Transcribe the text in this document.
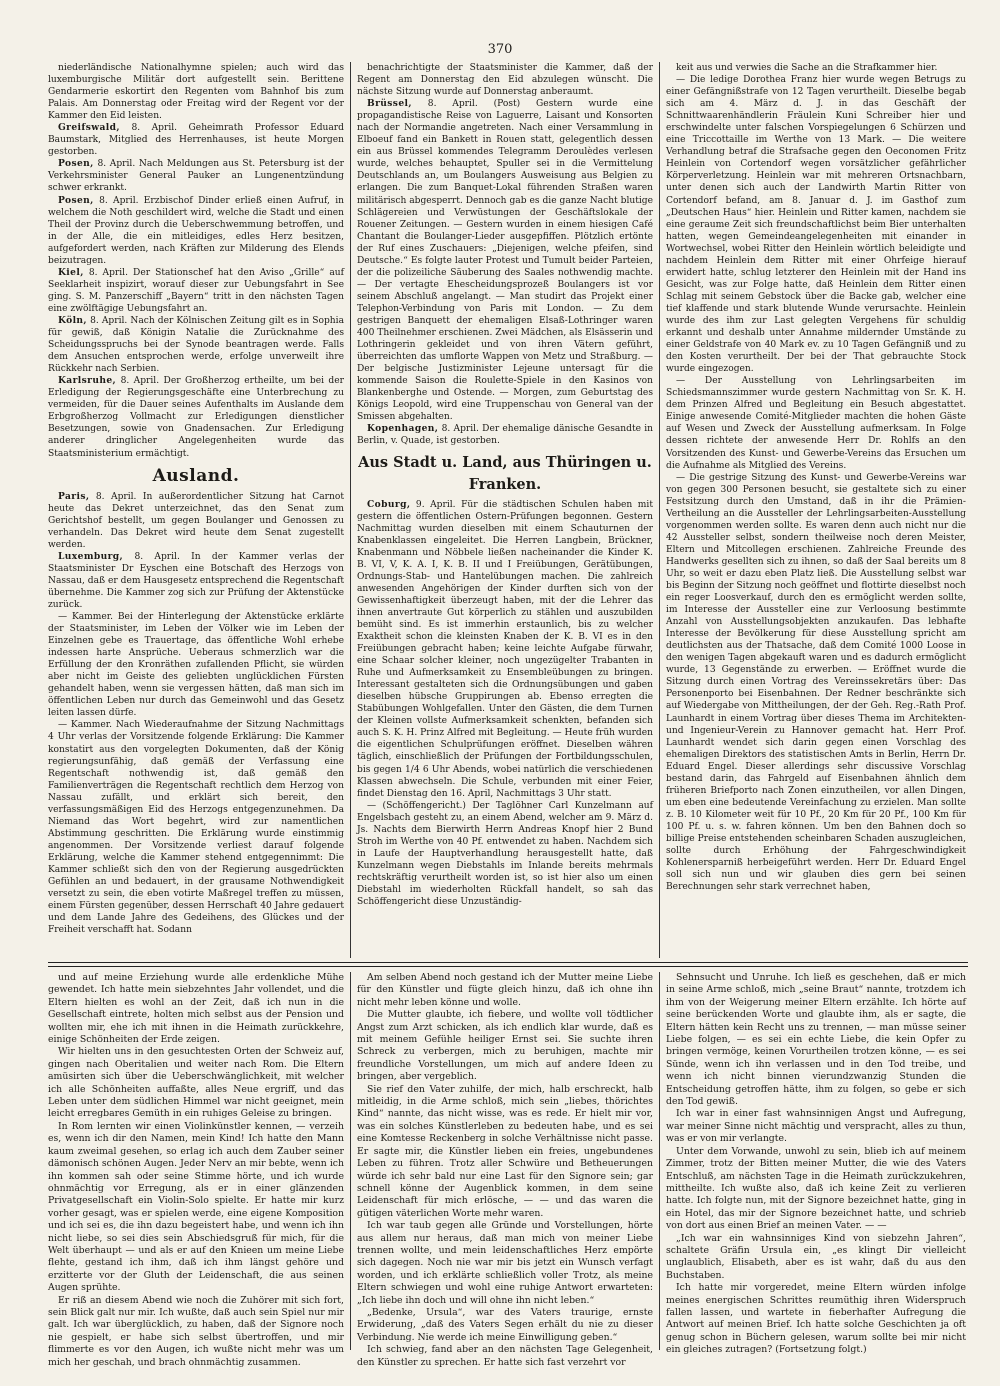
370

niederländische Nationalhymne spielen; auch wird das luxemburgische Militär dort aufgestellt sein. Berittene Gendarmerie eskortirt den Regenten vom Bahnhof bis zum Palais. Am Donnerstag oder Freitag wird der Regent vor der Kammer den Eid leisten.

Greifswald, 8. April. Geheimrath Professor Eduard Baumstark, Mitglied des Herrenhauses, ist heute Morgen gestorben.

Posen, 8. April. Nach Meldungen aus St. Petersburg ist der Verkehrsminister General Pauker an Lungenentzündung schwer erkrankt.

Posen, 8. April. Erzbischof Dinder erließ einen Aufruf, in welchem die Noth geschildert wird, welche die Stadt und einen Theil der Provinz durch die Ueberschwemmung betroffen, und in der Alle, die ein mitleidiges, edles Herz besitzen, aufgefordert werden, nach Kräften zur Milderung des Elends beizutragen.

Kiel, 8. April. Der Stationschef hat den Aviso „Grille“ auf Seeklarheit inspizirt, worauf dieser zur Uebungsfahrt in See ging. S. M. Panzerschiff „Bayern“ tritt in den nächsten Tagen eine zwölftägige Uebungsfahrt an.

Köln, 8. April. Nach der Kölnischen Zeitung gilt es in Sophia für gewiß, daß Königin Natalie die Zurücknahme des Scheidungsspruchs bei der Synode beantragen werde. Falls dem Ansuchen entsprochen werde, erfolge unverweilt ihre Rückkehr nach Serbien.

Karlsruhe, 8. April. Der Großherzog ertheilte, um bei der Erledigung der Regierungsgeschäfte eine Unterbrechung zu vermeiden, für die Dauer seines Aufenthalts im Auslande dem Erbgroßherzog Vollmacht zur Erledigungen dienstlicher Besetzungen, sowie von Gnadensachen. Zur Erledigung anderer dringlicher Angelegenheiten wurde das Staatsministerium ermächtigt.

Ausland.

Paris, 8. April. In außerordentlicher Sitzung hat Carnot heute das Dekret unterzeichnet, das den Senat zum Gerichtshof bestellt, um gegen Boulanger und Genossen zu verhandeln. Das Dekret wird heute dem Senat zugestellt werden.

Luxemburg, 8. April. In der Kammer verlas der Staatsminister Dr Eyschen eine Botschaft des Herzogs von Nassau, daß er dem Hausgesetz entsprechend die Regentschaft übernehme. Die Kammer zog sich zur Prüfung der Aktenstücke zurück.

— Kammer. Bei der Hinterlegung der Aktenstücke erklärte der Staatsminister, im Leben der Völker wie im Leben der Einzelnen gebe es Trauertage, das öffentliche Wohl erhebe indessen harte Ansprüche. Ueberaus schmerzlich war die Erfüllung der den Kronräthen zufallenden Pflicht, sie würden aber nicht im Geiste des geliebten unglücklichen Fürsten gehandelt haben, wenn sie vergessen hätten, daß man sich im öffentlichen Leben nur durch das Gemeinwohl und das Gesetz leiten lassen dürfe.

— Kammer. Nach Wiederaufnahme der Sitzung Nachmittags 4 Uhr verlas der Vorsitzende folgende Erklärung: Die Kammer konstatirt aus den vorgelegten Dokumenten, daß der König regierungsunfähig, daß gemäß der Verfassung eine Regentschaft nothwendig ist, daß gemäß den Familienverträgen die Regentschaft rechtlich dem Herzog von Nassau zufällt, und erklärt sich bereit, den verfassungsmäßigen Eid des Herzogs entgegenzunehmen. Da Niemand das Wort begehrt, wird zur namentlichen Abstimmung geschritten. Die Erklärung wurde einstimmig angenommen. Der Vorsitzende verliest darauf folgende Erklärung, welche die Kammer stehend entgegennimmt: Die Kammer schließt sich den von der Regierung ausgedrückten Gefühlen an und bedauert, in der grausame Nothwendigkeit versetzt zu sein, die eben votirte Maßregel treffen zu müssen, einem Fürsten gegenüber, dessen Herrschaft 40 Jahre gedauert und dem Lande Jahre des Gedeihens, des Glückes und der Freiheit verschafft hat. Sodann

benachrichtigte der Staatsminister die Kammer, daß der Regent am Donnerstag den Eid abzulegen wünscht. Die nächste Sitzung wurde auf Donnerstag anberaumt.

Brüssel, 8. April. (Post) Gestern wurde eine propagandistische Reise von Laguerre, Laisant und Konsorten nach der Normandie angetreten. Nach einer Versammlung in Elboeuf fand ein Bankett in Rouen statt, gelegentlich dessen ein aus Brüssel kommendes Telegramm Deroulèdes verlesen wurde, welches behauptet, Spuller sei in die Vermittelung Deutschlands an, um Boulangers Ausweisung aus Belgien zu erlangen. Die zum Banquet-Lokal führenden Straßen waren militärisch abgesperrt. Dennoch gab es die ganze Nacht blutige Schlägereien und Verwüstungen der Geschäftslokale der Rouener Zeitungen. — Gestern wurden in einem hiesigen Café Chantant die Boulanger-Lieder ausgepfiffen. Plötzlich ertönte der Ruf eines Zuschauers: „Diejenigen, welche pfeifen, sind Deutsche.“ Es folgte lauter Protest und Tumult beider Parteien, der die polizeiliche Säuberung des Saales nothwendig machte. — Der vertagte Ehescheidungsprozeß Boulangers ist vor seinem Abschluß angelangt. — Man studirt das Projekt einer Telephon-Verbindung von Paris mit London. — Zu dem gestrigen Banquett der ehemaligen Elsaß-Lothringer waren 400 Theilnehmer erschienen. Zwei Mädchen, als Elsässerin und Lothringerin gekleidet und von ihren Vätern geführt, überreichten das umflorte Wappen von Metz und Straßburg. — Der belgische Justizminister Lejeune untersagt für die kommende Saison die Roulette-Spiele in den Kasinos von Blankenberghe und Ostende. — Morgen, zum Geburtstag des Königs Leopold, wird eine Truppenschau von General van der Smissen abgehalten.

Kopenhagen, 8. April. Der ehemalige dänische Gesandte in Berlin, v. Quade, ist gestorben.

Aus Stadt u. Land, aus Thüringen u. Franken.

Coburg, 9. April. Für die städtischen Schulen haben mit gestern die öffentlichen Ostern-Prüfungen begonnen. Gestern Nachmittag wurden dieselben mit einem Schauturnen der Knabenklassen eingeleitet. Die Herren Langbein, Brückner, Knabenmann und Nöbbele ließen nacheinander die Kinder K. B. VI, V, K. A. I, K. B. II und I Freiübungen, Gerätübungen, Ordnungs-Stab- und Hantelübungen machen. Die zahlreich anwesenden Angehörigen der Kinder durften sich von der Gewissenhaftigkeit überzeugt haben, mit der die Lehrer das ihnen anvertraute Gut körperlich zu stählen und auszubilden bemüht sind. Es ist immerhin erstaunlich, bis zu welcher Exaktheit schon die kleinsten Knaben der K. B. VI es in den Freiübungen gebracht haben; keine leichte Aufgabe fürwahr, eine Schaar solcher kleiner, noch ungezügelter Trabanten in Ruhe und Aufmerksamkeit zu Ensembleübungen zu bringen. Interessant gestalteten sich die Ordnungsübungen und gaben dieselben hübsche Gruppirungen ab. Ebenso erregten die Stabübungen Wohlgefallen. Unter den Gästen, die dem Turnen der Kleinen vollste Aufmerksamkeit schenkten, befanden sich auch S. K. H. Prinz Alfred mit Begleitung. — Heute früh wurden die eigentlichen Schulprüfungen eröffnet. Dieselben währen täglich, einschließlich der Prüfungen der Fortbildungsschulen, bis gegen 1/4 6 Uhr Abends, wobei natürlich die verschiedenen Klassen abwechseln. Die Schule, verbunden mit einer Feier, findet Dienstag den 16. April, Nachmittags 3 Uhr statt.

— (Schöffengericht.) Der Taglöhner Carl Kunzelmann auf Engelsbach gesteht zu, an einem Abend, welcher am 9. März d. Js. Nachts dem Bierwirth Herrn Andreas Knopf hier 2 Bund Stroh im Werthe von 40 Pf. entwendet zu haben. Nachdem sich in Laufe der Hauptverhandlung herausgestellt hatte, daß Kunzelmann wegen Diebstahls im Inlande bereits mehrmals rechtskräftig verurtheilt worden ist, so ist hier also um einen Diebstahl im wiederholten Rückfall handelt, so sah das Schöffengericht diese Unzuständig-

keit aus und verwies die Sache an die Strafkammer hier.

— Die ledige Dorothea Franz hier wurde wegen Betrugs zu einer Gefängnißstrafe von 12 Tagen verurtheilt. Dieselbe begab sich am 4. März d. J. in das Geschäft der Schnittwaarenhändlerin Fräulein Kuni Schreiber hier und erschwindelte unter falschen Vorspiegelungen 6 Schürzen und eine Triccottaille im Werthe von 13 Mark. — Die weitere Verhandlung betraf die Strafsache gegen den Oeconomen Fritz Heinlein von Cortendorf wegen vorsätzlicher gefährlicher Körperverletzung. Heinlein war mit mehreren Ortsnachbarn, unter denen sich auch der Landwirth Martin Ritter von Cortendorf befand, am 8. Januar d. J. im Gasthof zum „Deutschen Haus“ hier. Heinlein und Ritter kamen, nachdem sie eine geraume Zeit sich freundschaftlichst beim Bier unterhalten hatten, wegen Gemeindeangelegenheiten mit einander in Wortwechsel, wobei Ritter den Heinlein wörtlich beleidigte und nachdem Heinlein dem Ritter mit einer Ohrfeige hierauf erwidert hatte, schlug letzterer den Heinlein mit der Hand ins Gesicht, was zur Folge hatte, daß Heinlein dem Ritter einen Schlag mit seinem Gebstock über die Backe gab, welcher eine tief klaffende und stark blutende Wunde verursachte. Heinlein wurde des ihm zur Last gelegten Vergehens für schuldig erkannt und deshalb unter Annahme mildernder Umstände zu einer Geldstrafe von 40 Mark ev. zu 10 Tagen Gefängniß und zu den Kosten verurtheilt. Der bei der That gebrauchte Stock wurde eingezogen.

— Der Ausstellung von Lehrlingsarbeiten im Schiedsmannszimmer wurde gestern Nachmittag von Sr. K. H. dem Prinzen Alfred und Begleitung ein Besuch abgestattet. Einige anwesende Comité-Mitglieder machten die hohen Gäste auf Wesen und Zweck der Ausstellung aufmerksam. In Folge dessen richtete der anwesende Herr Dr. Rohlfs an den Vorsitzenden des Kunst- und Gewerbe-Vereins das Ersuchen um die Aufnahme als Mitglied des Vereins.

— Die gestrige Sitzung des Kunst- und Gewerbe-Vereins war von gegen 300 Personen besucht, sie gestaltete sich zu einer Festsitzung durch den Umstand, daß in ihr die Prämien-Vertheilung an die Aussteller der Lehrlingsarbeiten-Ausstellung vorgenommen werden sollte. Es waren denn auch nicht nur die 42 Aussteller selbst, sondern theilweise noch deren Meister, Eltern und Mitcollegen erschienen. Zahlreiche Freunde des Handwerks gesellten sich zu ihnen, so daß der Saal bereits um 8 Uhr, so weit er dazu eben Platz ließ. Die Ausstellung selbst war bis Beginn der Sitzung noch geöffnet und flottirte dieselbst noch ein reger Loosverkauf, durch den es ermöglicht werden sollte, im Interesse der Aussteller eine zur Verloosung bestimmte Anzahl von Ausstellungsobjekten anzukaufen. Das lebhafte Interesse der Bevölkerung für diese Ausstellung spricht am deutlichsten aus der Thatsache, daß dem Comité 1000 Loose in den wenigen Tagen abgekauft waren und es dadurch ermöglicht wurde, 13 Gegenstände zu erwerben. — Eröffnet wurde die Sitzung durch einen Vortrag des Vereinssekretärs über: Das Personenporto bei Eisenbahnen. Der Redner beschränkte sich auf Wiedergabe von Mittheilungen, der der Geh. Reg.-Rath Prof. Launhardt in einem Vortrag über dieses Thema im Architekten- und Ingenieur-Verein zu Hannover gemacht hat. Herr Prof. Launhardt wendet sich darin gegen einen Vorschlag des ehemaligen Direktors des statistischen Amts in Berlin, Herrn Dr. Eduard Engel. Dieser allerdings sehr discussive Vorschlag bestand darin, das Fahrgeld auf Eisenbahnen ähnlich dem früheren Briefporto nach Zonen einzutheilen, vor allen Dingen, um eben eine bedeutende Vereinfachung zu erzielen. Man sollte z. B. 10 Kilometer weit für 10 Pf., 20 Km für 20 Pf., 100 Km für 100 Pf. u. s. w. fahren können. Um ben den Bahnen doch so billige Preise entstehenden scheinbaren Schaden auszugleichen, sollte durch Erhöhung der Fahrgeschwindigkeit Kohlenersparniß herbeigeführt werden. Herr Dr. Eduard Engel soll sich nun und wir glauben dies gern bei seinen Berechnungen sehr stark verrechnet haben,

und auf meine Erziehung wurde alle erdenkliche Mühe gewendet. Ich hatte mein siebzehntes Jahr vollendet, und die Eltern hielten es wohl an der Zeit, daß ich nun in die Gesellschaft eintrete, holten mich selbst aus der Pension und wollten mir, ehe ich mit ihnen in die Heimath zurückkehre, einige Schönheiten der Erde zeigen.

Wir hielten uns in den gesuchtesten Orten der Schweiz auf, gingen nach Oberitalien und weiter nach Rom. Die Eltern amüsirten sich über die Ueberschwänglichkeit, mit welcher ich alle Schönheiten auffaßte, alles Neue ergriff, und das Leben unter dem südlichen Himmel war nicht geeignet, mein leicht erregbares Gemüth in ein ruhiges Geleise zu bringen.

In Rom lernten wir einen Violinkünstler kennen, — verzeih es, wenn ich dir den Namen, mein Kind! Ich hatte den Mann kaum zweimal gesehen, so erlag ich auch dem Zauber seiner dämonisch schönen Augen. Jeder Nerv an mir bebte, wenn ich ihn kommen sah oder seine Stimme hörte, und ich wurde ohnmächtig vor Erregung, als er in einer glänzenden Privatgesellschaft ein Violin-Solo spielte. Er hatte mir kurz vorher gesagt, was er spielen werde, eine eigene Komposition und ich sei es, die ihn dazu begeistert habe, und wenn ich ihn nicht liebe, so sei dies sein Abschiedsgruß für mich, für die Welt überhaupt — und als er auf den Knieen um meine Liebe flehte, gestand ich ihm, daß ich ihm längst gehöre und erzitterte vor der Gluth der Leidenschaft, die aus seinen Augen sprühte.

Er riß an diesem Abend wie noch die Zuhörer mit sich fort, sein Blick galt nur mir. Ich wußte, daß auch sein Spiel nur mir galt. Ich war überglücklich, zu haben, daß der Signore noch nie gespielt, er habe sich selbst übertroffen, und mir flimmerte es vor den Augen, ich wußte nicht mehr was um mich her geschah, und brach ohnmächtig zusammen.

Am selben Abend noch gestand ich der Mutter meine Liebe für den Künstler und fügte gleich hinzu, daß ich ohne ihn nicht mehr leben könne und wolle.

Die Mutter glaubte, ich fiebere, und wollte voll tödtlicher Angst zum Arzt schicken, als ich endlich klar wurde, daß es mit meinem Gefühle heiliger Ernst sei. Sie suchte ihren Schreck zu verbergen, mich zu beruhigen, machte mir freundliche Vorstellungen, um mich auf andere Ideen zu bringen, aber vergeblich.

Sie rief den Vater zuhilfe, der mich, halb erschreckt, halb mitleidig, in die Arme schloß, mich sein „liebes, thörichtes Kind“ nannte, das nicht wisse, was es rede. Er hielt mir vor, was ein solches Künstlerleben zu bedeuten habe, und es sei eine Komtesse Reckenberg in solche Verhältnisse nicht passe. Er sagte mir, die Künstler lieben ein freies, ungebundenes Leben zu führen. Trotz aller Schwüre und Betheuerungen würde ich sehr bald nur eine Last für den Signore sein; gar schnell könne der Augenblick kommen, in dem seine Leidenschaft für mich erlösche, — — und das waren die gütigen väterlichen Worte mehr waren.

Ich war taub gegen alle Gründe und Vorstellungen, hörte aus allem nur heraus, daß man mich von meiner Liebe trennen wollte, und mein leidenschaftliches Herz empörte sich dagegen. Noch nie war mir bis jetzt ein Wunsch verfagt worden, und ich erklärte schließlich voller Trotz, als meine Eltern schwiegen und wohl eine ruhige Antwort erwarteten: „Ich liebe ihn doch und will ohne ihn nicht leben.“

„Bedenke, Ursula“, war des Vaters traurige, ernste Erwiderung, „daß des Vaters Segen erhält du nie zu dieser Verbindung. Nie werde ich meine Einwilligung geben.“

Ich schwieg, fand aber an den nächsten Tage Gelegenheit, den Künstler zu sprechen. Er hatte sich fast verzehrt vor

Sehnsucht und Unruhe. Ich ließ es geschehen, daß er mich in seine Arme schloß, mich „seine Braut“ nannte, trotzdem ich ihm von der Weigerung meiner Eltern erzählte. Ich hörte auf seine berückenden Worte und glaubte ihm, als er sagte, die Eltern hätten kein Recht uns zu trennen, — man müsse seiner Liebe folgen, — es sei ein echte Liebe, die kein Opfer zu bringen vermöge, keinen Vorurtheilen trotzen könne, — es sei Sünde, wenn ich ihn verlassen und in den Tod treibe, und wenn ich nicht binnen vierundzwanzig Stunden die Entscheidung getroffen hätte, ihm zu folgen, so gebe er sich den Tod gewiß.

Ich war in einer fast wahnsinnigen Angst und Aufregung, war meiner Sinne nicht mächtig und verspracht, alles zu thun, was er von mir verlangte.

Unter dem Vorwande, unwohl zu sein, blieb ich auf meinem Zimmer, trotz der Bitten meiner Mutter, die wie des Vaters Entschluß, am nächsten Tage in die Heimath zurückzukehren, mittheilte. Ich wußte also, daß ich keine Zeit zu verlieren hatte. Ich folgte nun, mit der Signore bezeichnet hatte, ging in ein Hotel, das mir der Signore bezeichnet hatte, und schrieb von dort aus einen Brief an meinen Vater. — —

„Ich war ein wahnsinniges Kind von siebzehn Jahren“, schaltete Gräfin Ursula ein, „es klingt Dir vielleicht unglaublich, Elisabeth, aber es ist wahr, daß du aus den Buchstaben.

Ich hatte mir vorgeredet, meine Eltern würden infolge meines energischen Schrittes reumüthig ihren Widerspruch fallen lassen, und wartete in fieberhafter Aufregung die Antwort auf meinen Brief. Ich hatte solche Geschichten ja oft genug schon in Büchern gelesen, warum sollte bei mir nicht ein gleiches zutragen? (Fortsetzung folgt.)
